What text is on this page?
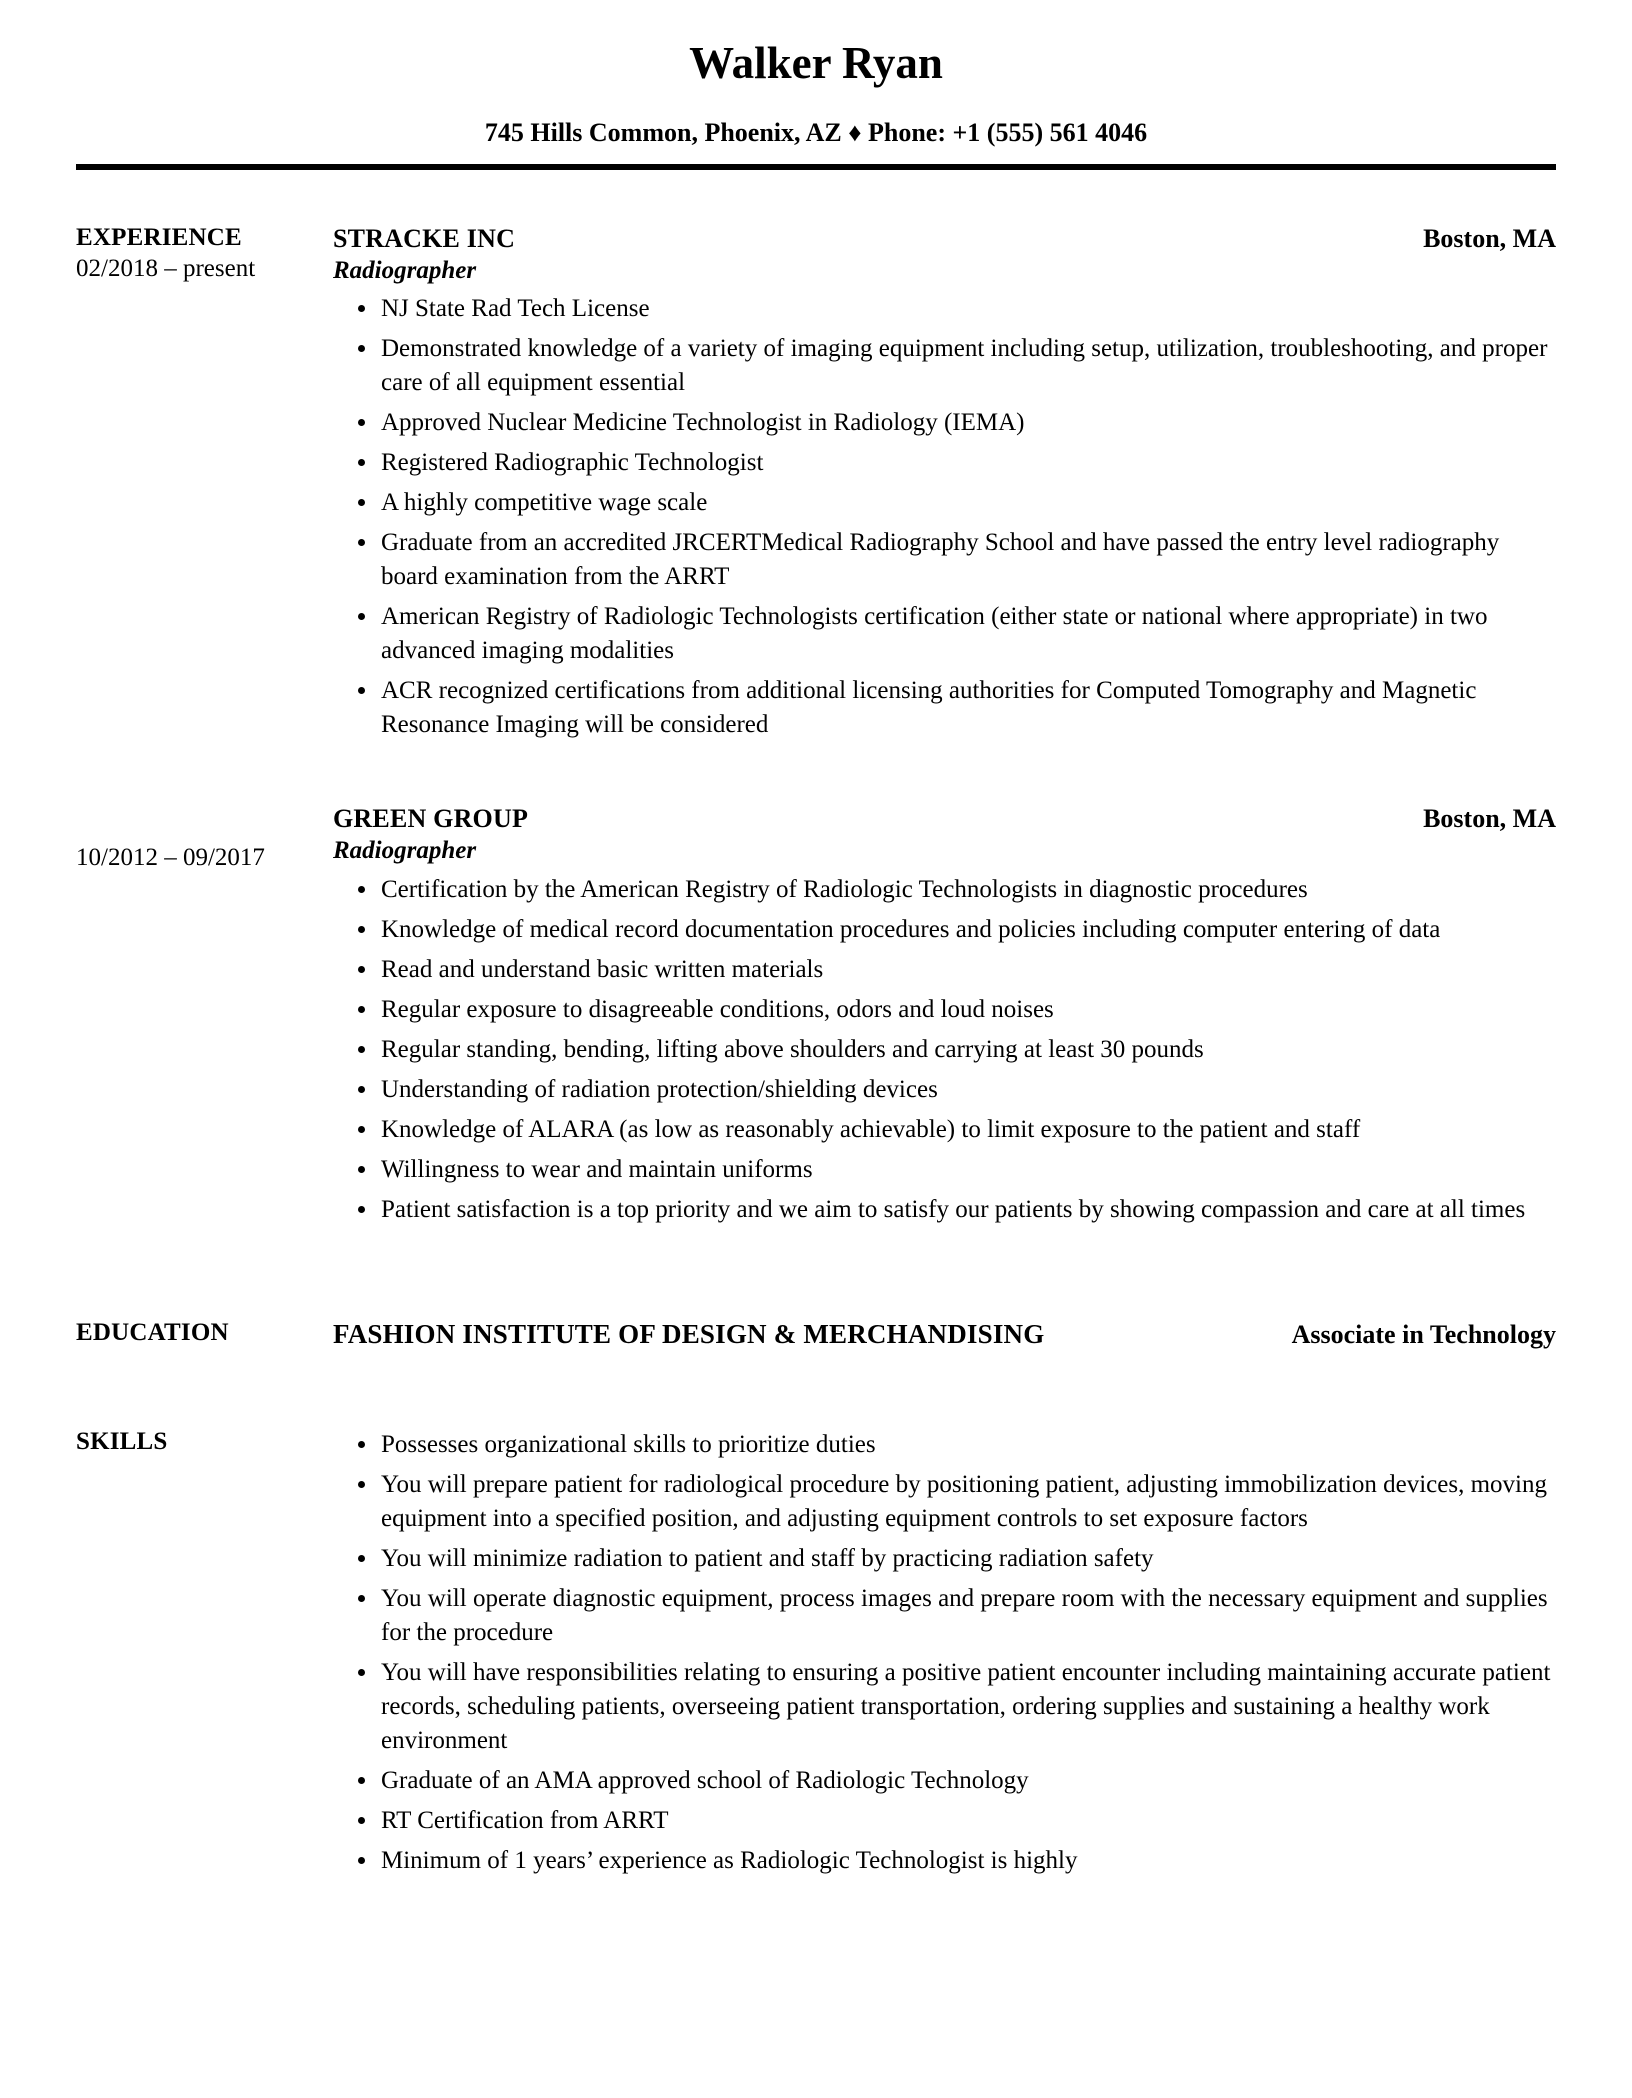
Walker Ryan
745 Hills Common, Phoenix, AZ ♦ Phone: +1 (555) 561 4046
EXPERIENCE
02/2018 – present
STRACKE INC	Boston, MA
Radiographer
• NJ State Rad Tech License
• Demonstrated knowledge of a variety of imaging equipment including setup, utilization, troubleshooting, and proper care of all equipment essential
• Approved Nuclear Medicine Technologist in Radiology (IEMA)
• Registered Radiographic Technologist
• A highly competitive wage scale
• Graduate from an accredited JRCERTMedical Radiography School and have passed the entry level radiography board examination from the ARRT
• American Registry of Radiologic Technologists certification (either state or national where appropriate) in two advanced imaging modalities
• ACR recognized certifications from additional licensing authorities for Computed Tomography and Magnetic Resonance Imaging will be considered
10/2012 – 09/2017
GREEN GROUP	Boston, MA
Radiographer
• Certification by the American Registry of Radiologic Technologists in diagnostic procedures
• Knowledge of medical record documentation procedures and policies including computer entering of data
• Read and understand basic written materials
• Regular exposure to disagreeable conditions, odors and loud noises
• Regular standing, bending, lifting above shoulders and carrying at least 30 pounds
• Understanding of radiation protection/shielding devices
• Knowledge of ALARA (as low as reasonably achievable) to limit exposure to the patient and staff
• Willingness to wear and maintain uniforms
• Patient satisfaction is a top priority and we aim to satisfy our patients by showing compassion and care at all times
EDUCATION	FASHION INSTITUTE OF DESIGN & MERCHANDISING	Associate in Technology
SKILLS	• Possesses organizational skills to prioritize duties
• You will prepare patient for radiological procedure by positioning patient, adjusting immobilization devices, moving equipment into a specified position, and adjusting equipment controls to set exposure factors
• You will minimize radiation to patient and staff by practicing radiation safety
• You will operate diagnostic equipment, process images and prepare room with the necessary equipment and supplies for the procedure
• You will have responsibilities relating to ensuring a positive patient encounter including maintaining accurate patient records, scheduling patients, overseeing patient transportation, ordering supplies and sustaining a healthy work environment
• Graduate of an AMA approved school of Radiologic Technology
• RT Certification from ARRT
• Minimum of 1 years’ experience as Radiologic Technologist is highly
